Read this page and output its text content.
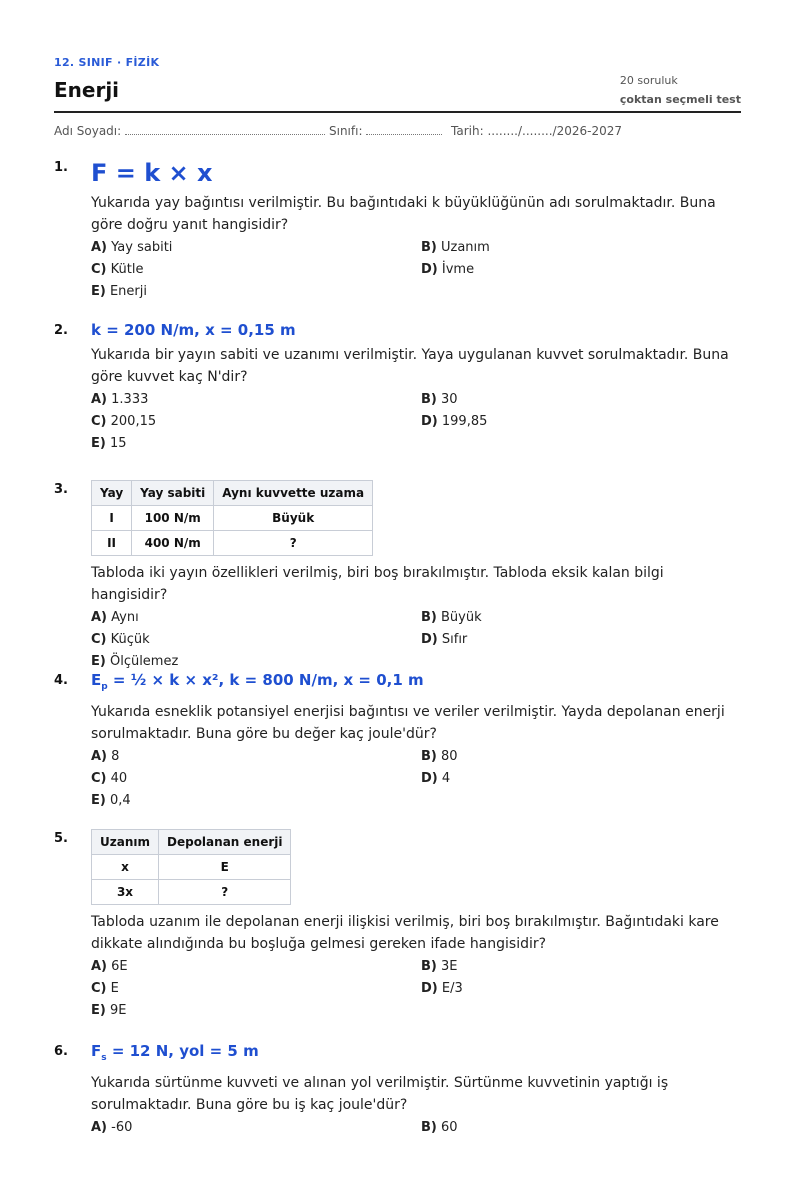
12. SINIF · FİZİK
Enerji	20 soruluk
çoktan seçmeli test
Adı Soyadı:	Sınıfı:	Tarih: ......../......../2026-2027
1. F = k × x
Yukarıda yay bağıntısı verilmiştir. Bu bağıntıdaki k büyüklüğünün adı sorulmaktadır. Buna göre doğru yanıt hangisidir?
A) Yay sabiti	B) Uzanım
C) Kütle	D) İvme
E) Enerji
2. k = 200 N/m, x = 0,15 m
Yukarıda bir yayın sabiti ve uzanımı verilmiştir. Yaya uygulanan kuvvet sorulmaktadır. Buna göre kuvvet kaç N'dir?
A) 1.333	B) 30
C) 200,15	D) 199,85
E) 15
3.	Yay	Yay sabiti	Aynı kuvvette uzama
I	100 N/m	Büyük
II	400 N/m	?
Tabloda iki yayın özellikleri verilmiş, biri boş bırakılmıştır. Tabloda eksik kalan bilgi hangisidir?
A) Aynı	B) Büyük
C) Küçük	D) Sıfır
E) Ölçülemez
4. $E_p$ = ½ × k × x², k = 800 N/m, x = 0,1 m
Yukarıda esneklik potansiyel enerjisi bağıntısı ve veriler verilmiştir. Yayda depolanan enerji sorulmaktadır. Buna göre bu değer kaç joule'dür?
A) 8	B) 80
C) 40	D) 4
E) 0,4
5.	Uzanım	Depolanan enerji
x	E
3x	?
Tabloda uzanım ile depolanan enerji ilişkisi verilmiş, biri boş bırakılmıştır. Bağıntıdaki kare dikkate alındığında bu boşluğa gelmesi gereken ifade hangisidir?
A) 6E	B) 3E
C) E	D) E/3
E) 9E
6. $F_s = 12$ N, yol = 5 m
Yukarıda sürtünme kuvveti ve alınan yol verilmiştir. Sürtünme kuvvetinin yaptığı iş sorulmaktadır. Buna göre bu iş kaç joule'dür?
A) -60	B) 60
